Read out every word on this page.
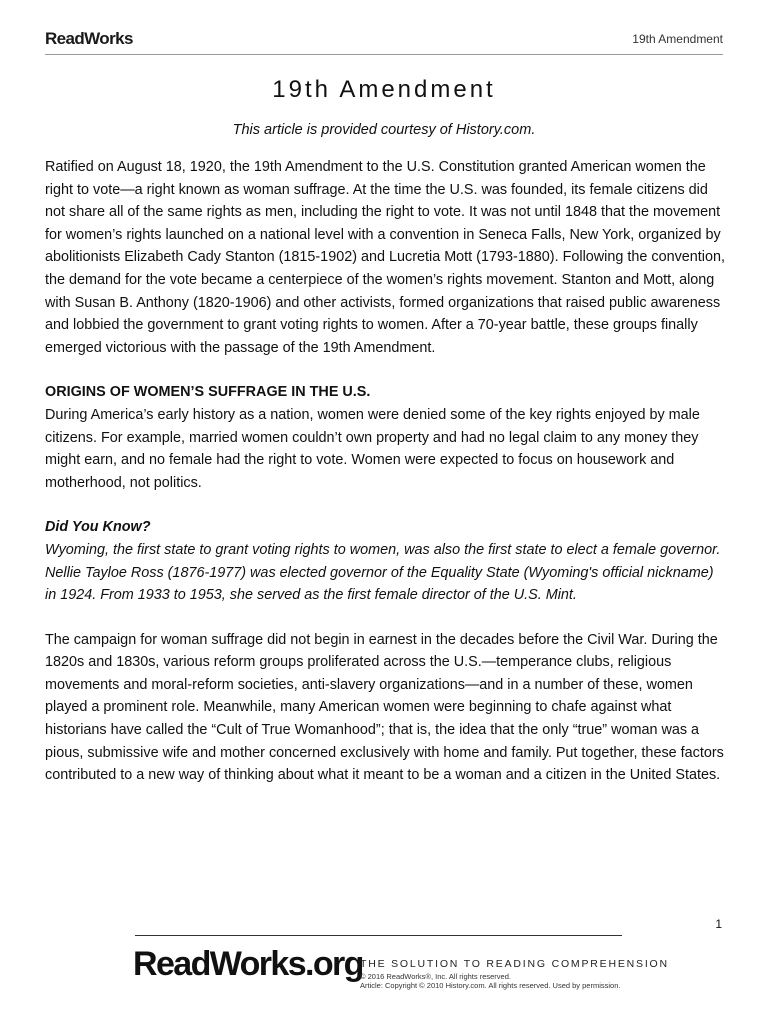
ReadWorks	19th Amendment
19th Amendment
This article is provided courtesy of History.com.

Ratified on August 18, 1920, the 19th Amendment to the U.S. Constitution granted American women the right to vote—a right known as woman suffrage. At the time the U.S. was founded, its female citizens did not share all of the same rights as men, including the right to vote. It was not until 1848 that the movement for women’s rights launched on a national level with a convention in Seneca Falls, New York, organized by abolitionists Elizabeth Cady Stanton (1815-1902) and Lucretia Mott (1793-1880). Following the convention, the demand for the vote became a centerpiece of the women’s rights movement. Stanton and Mott, along with Susan B. Anthony (1820-1906) and other activists, formed organizations that raised public awareness and lobbied the government to grant voting rights to women. After a 70-year battle, these groups finally emerged victorious with the passage of the 19th Amendment.

ORIGINS OF WOMEN’S SUFFRAGE IN THE U.S.

During America’s early history as a nation, women were denied some of the key rights enjoyed by male citizens. For example, married women couldn’t own property and had no legal claim to any money they might earn, and no female had the right to vote. Women were expected to focus on housework and motherhood, not politics.

Did You Know?

Wyoming, the first state to grant voting rights to women, was also the first state to elect a female governor. Nellie Tayloe Ross (1876-1977) was elected governor of the Equality State (Wyoming's official nickname) in 1924. From 1933 to 1953, she served as the first female director of the U.S. Mint.

The campaign for woman suffrage did not begin in earnest in the decades before the Civil War. During the 1820s and 1830s, various reform groups proliferated across the U.S.—temperance clubs, religious movements and moral-reform societies, anti-slavery organizations—and in a number of these, women played a prominent role. Meanwhile, many American women were beginning to chafe against what historians have called the “Cult of True Womanhood”; that is, the idea that the only “true” woman was a pious, submissive wife and mother concerned exclusively with home and family. Put together, these factors contributed to a new way of thinking about what it meant to be a woman and a citizen in the United States.

1
ReadWorks.org
THE SOLUTION TO READING COMPREHENSION
© 2016 ReadWorks®, Inc. All rights reserved.
Article: Copyright © 2010 History.com. All rights reserved. Used by permission.
